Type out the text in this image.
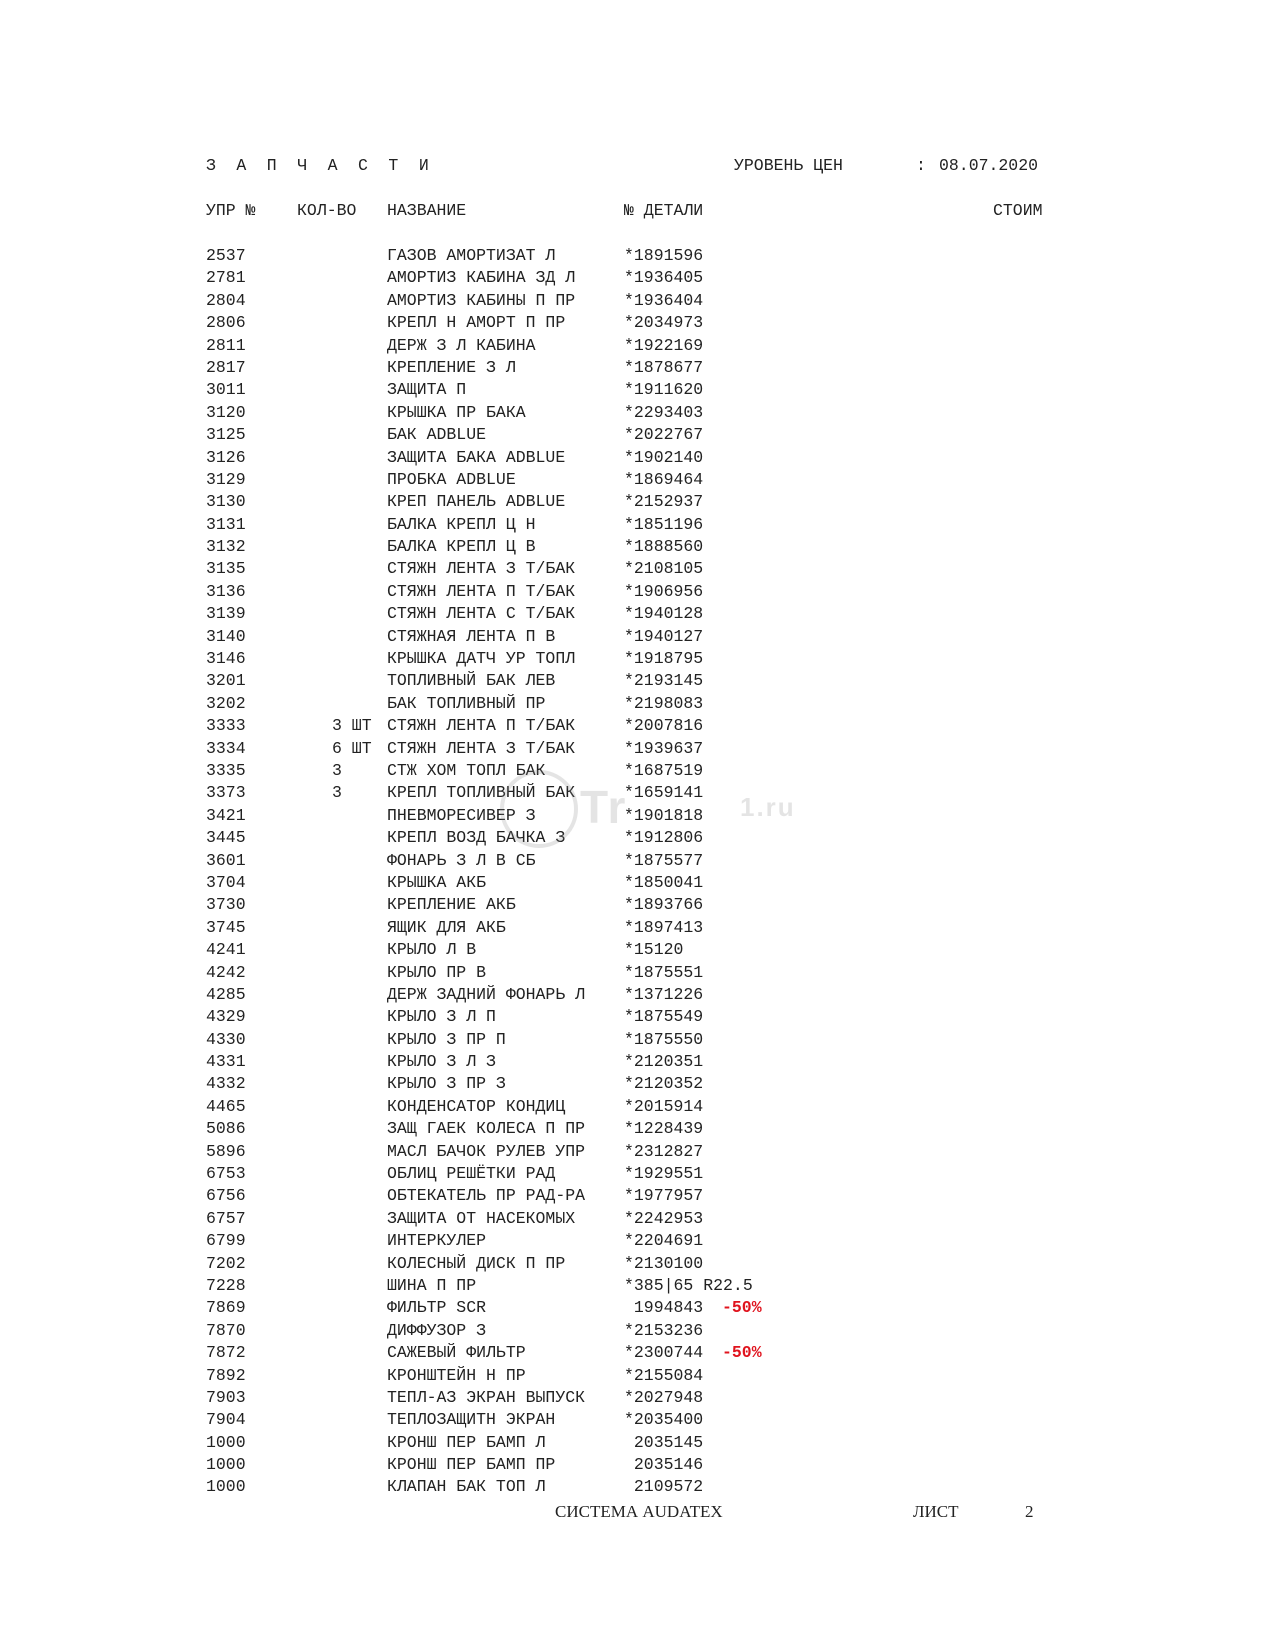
З А П Ч А С Т И	УРОВЕНЬ ЦЕН	: 08.07.2020
УПР №	КОЛ-ВО НАЗВАНИЕ	№ ДЕТАЛИ	СТОИМ
2537	ГАЗОВ АМОРТИЗАТ Л	*1891596
2781	АМОРТИЗ КАБИНА ЗД Л	*1936405
2804	АМОРТИЗ КАБИНЫ П ПР	*1936404
2806	КРЕПЛ Н АМОРТ П ПР	*2034973
2811	ДЕРЖ З Л КАБИНА	*1922169
2817	КРЕПЛЕНИЕ З Л	*1878677
3011	ЗАЩИТА П	*1911620
3120	КРЫШКА ПР БАКА	*2293403
3125	БАК ADBLUE	*2022767
3126	ЗАЩИТА БАКА ADBLUE	*1902140
3129	ПРОБКА ADBLUE	*1869464
3130	КРЕП ПАНЕЛЬ ADBLUE	*2152937
3131	БАЛКА КРЕПЛ Ц Н	*1851196
3132	БАЛКА КРЕПЛ Ц В	*1888560
3135	СТЯЖН ЛЕНТА З Т/БАК	*2108105
3136	СТЯЖН ЛЕНТА П Т/БАК	*1906956
3139	СТЯЖН ЛЕНТА С Т/БАК	*1940128
3140	СТЯЖНАЯ ЛЕНТА П В	*1940127
3146	КРЫШКА ДАТЧ УР ТОПЛ	*1918795
3201	ТОПЛИВНЫЙ БАК ЛЕВ	*2193145
3202	БАК ТОПЛИВНЫЙ ПР	*2198083
3333	3 ШТ СТЯЖН ЛЕНТА П Т/БАК	*2007816
3334	6 ШТ СТЯЖН ЛЕНТА З Т/БАК	*1939637
3335	3	СТЖ ХОМ ТОПЛ БАК	*1687519
3373	3	КРЕПЛ ТОПЛИВНЫЙ БАК	*1659141
3421	ПНЕВМОРЕСИВЕР З	*1901818
3445	КРЕПЛ ВОЗД БАЧКА З	*1912806
3601	ФОНАРЬ З Л В СБ	*1875577
3704	КРЫШКА АКБ	*1850041
3730	КРЕПЛЕНИЕ АКБ	*1893766
3745	ЯЩИК ДЛЯ АКБ	*1897413
4241	КРЫЛО Л В	*15120
4242	КРЫЛО ПР В	*1875551
4285	ДЕРЖ ЗАДНИЙ ФОНАРЬ Л *1371226
4329	КРЫЛО З Л П	*1875549
4330	КРЫЛО З ПР П	*1875550
4331	КРЫЛО З Л З	*2120351
4332	КРЫЛО З ПР З	*2120352
4465	КОНДЕНСАТОР КОНДИЦ	*2015914
5086	ЗАЩ ГАЕК КОЛЕСА П ПР *1228439
5896	МАСЛ БАЧОК РУЛЕВ УПР *2312827
6753	ОБЛИЦ РЕШЁТКИ РАД	*1929551
6756	ОБТЕКАТЕЛЬ ПР РАД-РА *1977957
6757	ЗАЩИТА ОТ НАСЕКОМЫХ	*2242953
6799	ИНТЕРКУЛЕР	*2204691
7202	КОЛЕСНЫЙ ДИСК П ПР	*2130100
7228	ШИНА П ПР	*385|65 R22.5
7869	ФИЛЬТР SCR	1994843 -50%
7870	ДИФФУЗОР З	*2153236
7872	САЖЕВЫЙ ФИЛЬТР	*2300744 -50%
7892	КРОНШТЕЙН Н ПР	*2155084
7903	ТЕПЛ-АЗ ЭКРАН ВЫПУСК *2027948
7904	ТЕПЛОЗАЩИТН ЭКРАН	*2035400
1000	КРОНШ ПЕР БАМП Л	2035145
1000	КРОНШ ПЕР БАМП ПР	2035146
1000	КЛАПАН БАК ТОП Л	2109572
Tr	1.ru
СИСТЕМА AUDATEX	ЛИСТ	2
